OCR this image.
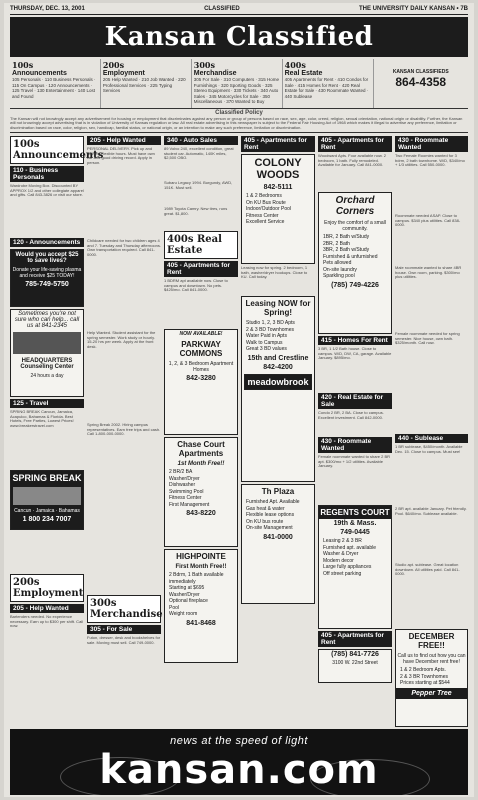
THURSDAY, DEC. 13, 2001	CLASSIFIED	THE UNIVERSITY DAILY KANSAN • 7B
Kansan Classified
100s
Announcements
105 Personals · 110 Business Personals · 115 On Campus · 120 Announcements · 125 Travel · 130 Entertainment · 140 Lost and Found
200s
Employment
205 Help Wanted · 210 Job Wanted · 220 Professional Services · 225 Typing Services
300s
Merchandise
305 For Sale · 310 Computers · 315 Home Furnishings · 320 Sporting Goods · 325 Stereo Equipment · 330 Tickets · 340 Auto Sales · 345 Motorcycles for Sale · 350 Miscellaneous · 370 Wanted to Buy
400s
Real Estate
405 Apartments for Rent · 410 Condos for Sale · 415 Homes for Rent · 420 Real Estate for Sale · 430 Roommate Wanted · 440 Sublease
KANSAN CLASSIFIEDS
864-4358
Classified Policy
The Kansan will not knowingly accept any advertisement for housing or employment that discriminates against any person or group of persons based on race, sex, age, color, creed, religion, sexual orientation, national origin or disability. Further, the Kansan will not knowingly accept advertising that is in violation of University of Kansas regulation or law. All real estate advertising in this newspaper is subject to the Federal Fair Housing Act of 1968 which makes it illegal to advertise any preference, limitation or discrimination based on race, color, religion, sex, handicap, familial status, or national origin, or an intention to make any such preference, limitation or discrimination.
100s Announcements
110 - Business Personals
Wardrobe Moving Box. Discounted BY APPROX 1/2 and other collegiate apparel and gifts. Call 843-3826 or visit our store.
120 - Announcements
Would you accept $25 to save lives?
Donate your life-saving plasma and receive $25 TODAY!
785-749-5750
Sometimes you're not sure who can help... call us at 841-2345
HEADQUARTERS Counseling Center
24 hours a day
125 - Travel
SPRING BREAK Cancun, Jamaica, Acapulco, Bahamas & Florida. Best Hotels, Free Parties, Lowest Prices! www.breakerstravel.com
SPRING BREAK
Cancun · Jamaica · Bahamas
1 800 234 7007
200s Employment
205 - Help Wanted
Bartenders needed. No experience necessary. Earn up to $300 per shift. Call now.
205 - Help Wanted
PERSONAL DELIVERY. Pick up and deliver. Flexible hours. Must have own car and good driving record. Apply in person.
Childcare needed for two children ages 4 and 7. Tuesday and Thursday afternoons. Own transportation required. Call 841-0000.
Help Wanted. Student assistant for the spring semester. Work study or hourly. 15-20 hrs per week. Apply at the front desk.
Spring Break 2002. Hiring campus representatives. Earn free trips and cash. Call 1-800-000-0000.
300s Merchandise
305 - For Sale
Futon, dresser, desk and bookshelves for sale. Moving must sell. Call 749-0000.
340 - Auto Sales
89 Volvo 240, excellent condition, great student car. Automatic, 140K miles, $2,500 OBO.
Subaru Legacy 1994. Burgundy, AWD, 151K. Must sell.
1989 Toyota Camry. New tires, runs great. $1,800.
400s Real Estate
405 - Apartments for Rent
1 BDRM apt available now. Close to campus and downtown. No pets. $425/mo. Call 841-0000.
NOW AVAILABLE!
PARKWAY COMMONS
1, 2, & 3 Bedroom Apartment Homes
842-3280
Chase Court Apartments
1st Month Free!!
2 BR/2 BA
Washer/Dryer
Dishwasher
Swimming Pool
Fitness Center
First Management
843-8220
HIGHPOINTE
First Month Free!!
2 Bdrm, 1 Bath available immediately
Starting at $695
Washer/Dryer
Optional fireplace
Pool
Weight room
841-8468
405 - Apartments for Rent
COLONY WOODS
842-5111
1 & 2 Bedrooms
On KU Bus Route
Indoor/Outdoor Pool
Fitness Center
Excellent Service
Leasing now for spring. 2 bedroom, 1 bath, washer/dryer hookups. Close to KU. Call today.
Leasing NOW for Spring!
Studio 1, 2, 3 BD Apts
2 & 3 BD Townhomes
Water Paid in Apts
Walk to Campus
Great 3 BD values
15th and Crestline
842-4200
meadowbrook
Th Plaza
Furnished Apt. Available
Gas heat & water
Flexible lease options
On KU bus route
On-site Management
841-0000
405 - Apartments for Rent
Woodward Apts. Four available now. 2 bedroom, 1 bath. Fully remodeled. Available for January. Call 841-0000.
Orchard Corners
Enjoy the comfort of a small community.
1BR, 2 Bath w/Study
2BR, 2 Bath
3BR, 2 Bath w/Study
Furnished & unfurnished
Pets allowed
On-site laundry
Sparkling pool
(785) 749-4226
415 - Homes For Rent
3 BR, 1 1/2 Bath house. Close to campus. W/D, DW, CA, garage. Available January. $895/mo.
420 - Real Estate for Sale
Condo 2 BR, 2 BA. Close to campus. Excellent investment. Call 842-0000.
430 - Roommate Wanted
Female roommate wanted to share 2 BR apt. $300/mo + 1/2 utilities. Available January.
REGENTS COURT
19th & Mass.
749-0445
Leasing 2 & 3 BR
Furnished apt. available
Washer & Dryer
Modern decor
Large fully appliances
Off street parking
405 - Apartments for Rent
(785) 841-7726
3100 W. 22nd Street
430 - Roommate Wanted
Two Female Roomies wanted for 3 bdrm, 2 bath townhome. W/D, $340/mo + 1/3 utilities. Call 550-0000.
Roommate needed ASAP. Close to campus. $340 plus utilities. Call 838-0000.
Male roommate wanted to share 4BR house. Own room, parking. $300/mo plus utilities.
Female roommate needed for spring semester. Nice house, own bath. $325/month. Call now.
440 - Sublease
1 BR sublease, $450/month. Available Dec. 15. Close to campus. Must see!
2 BR apt. available January. Pet friendly. Pool. $640/mo. Sublease available.
Studio apt. sublease. Great location downtown. All utilities paid. Call 841-0000.
DECEMBER FREE!!
Call us to find out how you can have December rent free!
1 & 2 Bedroom Apts.
2 & 3 BR Townhomes
Prices starting at $544
Pepper Tree
news at the speed of light
kansan.com
